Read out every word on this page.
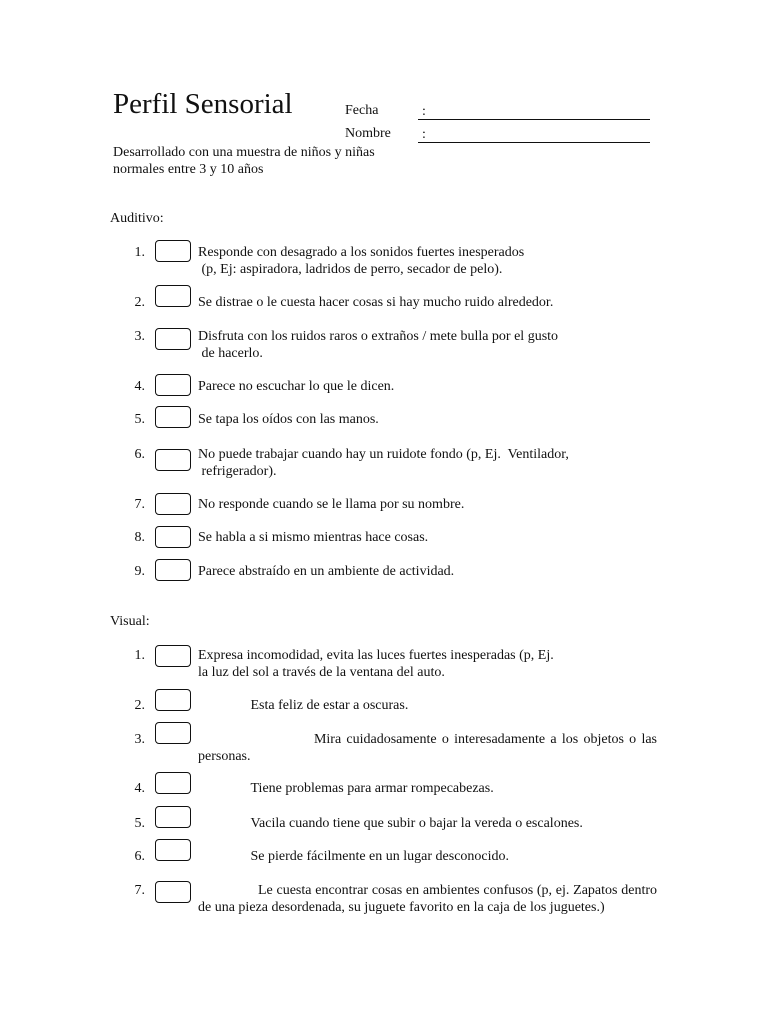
Perfil Sensorial	Fecha	:
Nombre :
Desarrollado con una muestra de niños y niñas normales entre 3 y 10 años
Auditivo:
1.	Responde con desagrado a los sonidos fuertes inesperados
(p, Ej: aspiradora, ladridos de perro, secador de pelo).
2.	Se distrae o le cuesta hacer cosas si hay mucho ruido alrededor.
3.	Disfruta con los ruidos raros o extraños / mete bulla por el gusto
de hacerlo.
4.	Parece no escuchar lo que le dicen.
5.	Se tapa los oídos con las manos.
6.	No puede trabajar cuando hay un ruidote fondo (p, Ej.  Ventilador,
refrigerador).
7.	No responde cuando se le llama por su nombre.
8.	Se habla a si mismo mientras hace cosas.
9.	Parece abstraído en un ambiente de actividad.
Visual:
1.	Expresa incomodidad, evita las luces fuertes inesperadas (p, Ej.
la luz del sol a través de la ventana del auto.
2.	Esta feliz de estar a oscuras.
3.	Mira cuidadosamente o interesadamente a los objetos o las personas.
4.	Tiene problemas para armar rompecabezas.
5.	Vacila cuando tiene que subir o bajar la vereda o escalones.
6.	Se pierde fácilmente en un lugar desconocido.
7.	Le cuesta encontrar cosas en ambientes confusos (p, ej. Zapatos dentro de una pieza desordenada, su juguete favorito en la caja de los juguetes.)
